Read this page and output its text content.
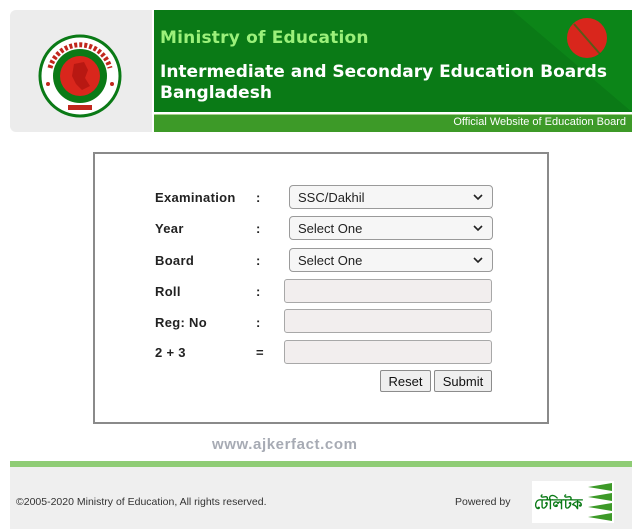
Ministry of Education
Intermediate and Secondary Education Boards Bangladesh
Official Website of Education Board
Examination :	SSC/Dakhil
Year	:	Select One
Board	:	Select One
Roll	:
Reg: No	:
2 + 3	=
Reset	Submit
www.ajkerfact.com
©2005-2020 Ministry of Education, All rights reserved.	Powered by টেলিটক
